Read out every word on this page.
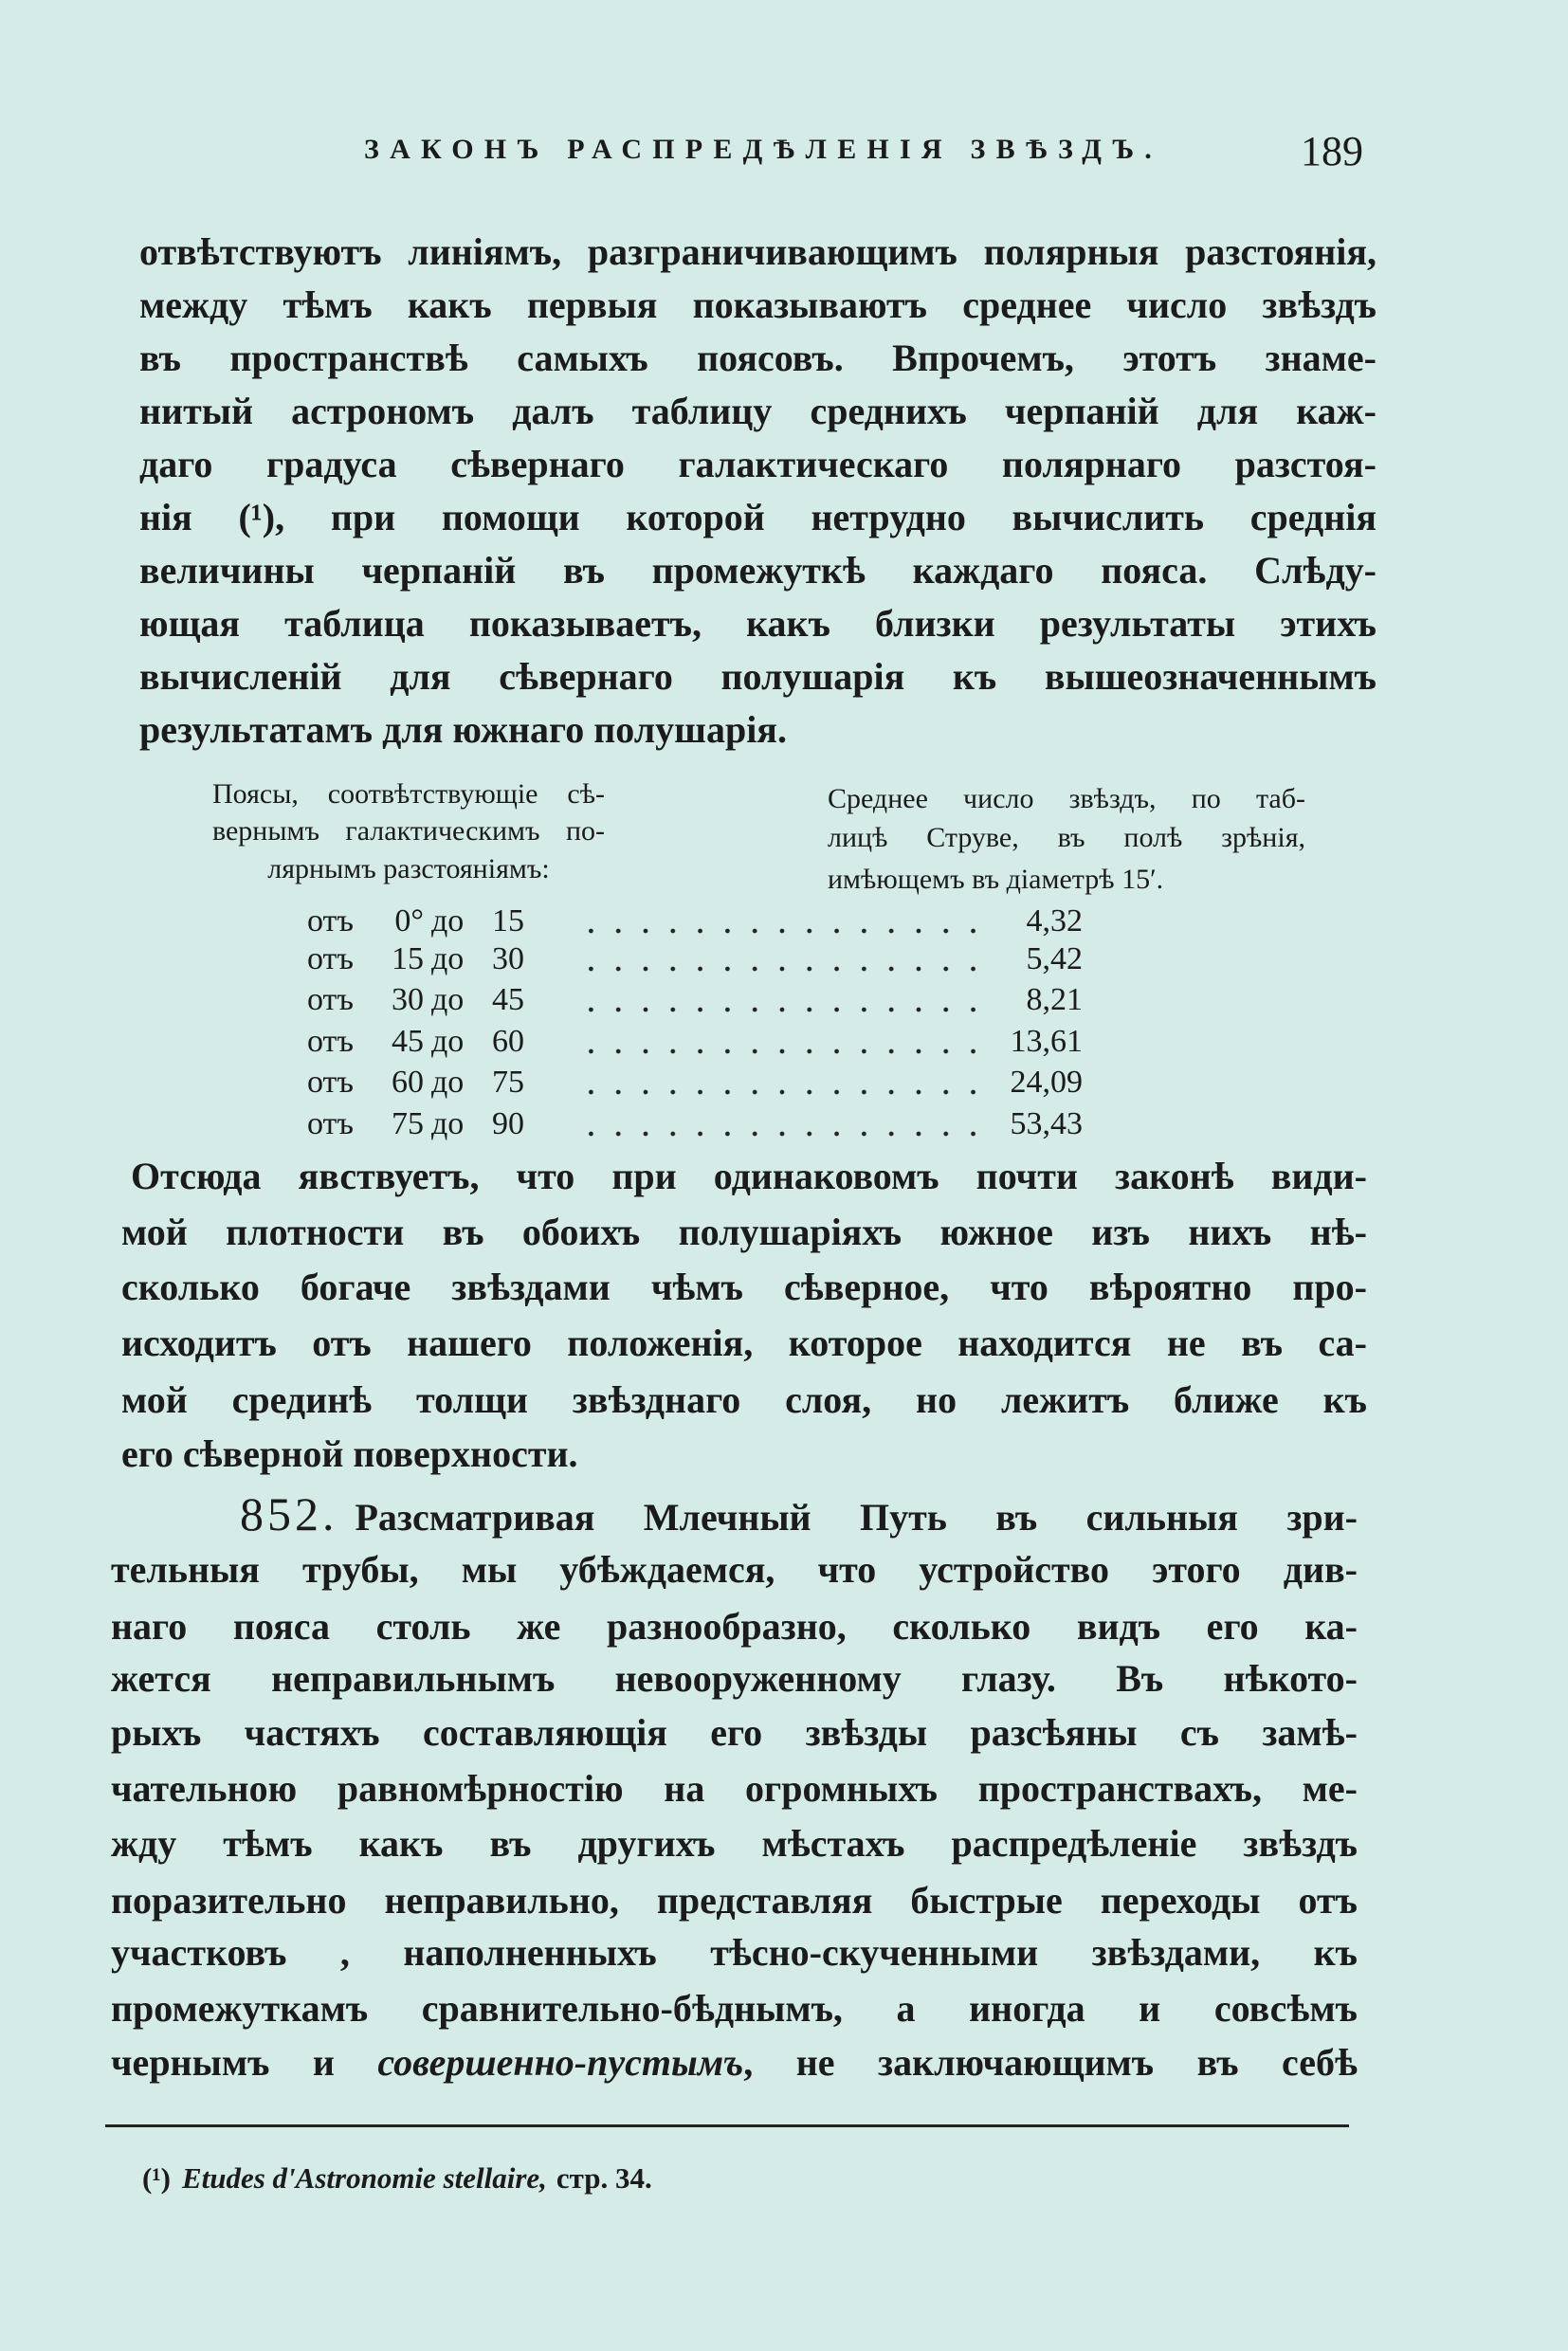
ЗАКОНЪ РАСПРЕДѢЛЕНІЯ ЗВѢЗДЪ.	189
отвѣтствуютъ линіямъ, разграничивающимъ полярныя разстоянія,
между тѣмъ какъ первыя показываютъ среднее число звѣздъ
въ пространствѣ самыхъ поясовъ. Впрочемъ, этотъ знаме-
нитый астрономъ далъ таблицу среднихъ черпаній для каж-
даго градуса сѣвернаго галактическаго полярнаго разстоя-
нія (¹), при помощи которой нетрудно вычислить среднія
величины черпаній въ промежуткѣ каждаго пояса. Слѣду-
ющая таблица показываетъ, какъ близки результаты этихъ
вычисленій для сѣвернаго полушарія къ вышеозначеннымъ
результатамъ для южнаго полушарія.
Поясы, соотвѣтствующіе сѣ-
вернымъ галактическимъ по-
лярнымъ разстояніямъ:
Среднее число звѣздъ, по таб-
лицѣ Струве, въ полѣ зрѣнія,
имѣющемъ въ діаметрѣ 15′.
отъ 0° до 15	4,32
отъ 15 до 30	5,42
отъ 30 до 45	8,21
отъ 45 до 60	13,61
отъ 60 до 75	24,09
отъ 75 до 90	53,43
Отсюда явствуетъ, что при одинаковомъ почти законѣ види-
мой плотности въ обоихъ полушаріяхъ южное изъ нихъ нѣ-
сколько богаче звѣздами чѣмъ сѣверное, что вѣроятно про-
исходитъ отъ нашего положенія, которое находится не въ са-
мой срединѣ толщи звѣзднаго слоя, но лежитъ ближе къ
его сѣверной поверхности.
852. Разсматривая Млечный Путь въ сильныя зри-
тельныя трубы, мы убѣждаемся, что устройство этого див-
наго пояса столь же разнообразно, сколько видъ его ка-
жется неправильнымъ невооруженному глазу. Въ нѣкото-
рыхъ частяхъ составляющія его звѣзды разсѣяны съ замѣ-
чательною равномѣрностію на огромныхъ пространствахъ, ме-
жду тѣмъ какъ въ другихъ мѣстахъ распредѣленіе звѣздъ
поразительно неправильно, представляя быстрые переходы отъ
участковъ , наполненныхъ тѣсно-скученными звѣздами, къ
промежуткамъ сравнительно-бѣднымъ, а иногда и совсѣмъ
чернымъ и совершенно-пустымъ, не заключающимъ въ себѣ
(¹) Etudes d'Astronomie stellaire, стр. 34.
